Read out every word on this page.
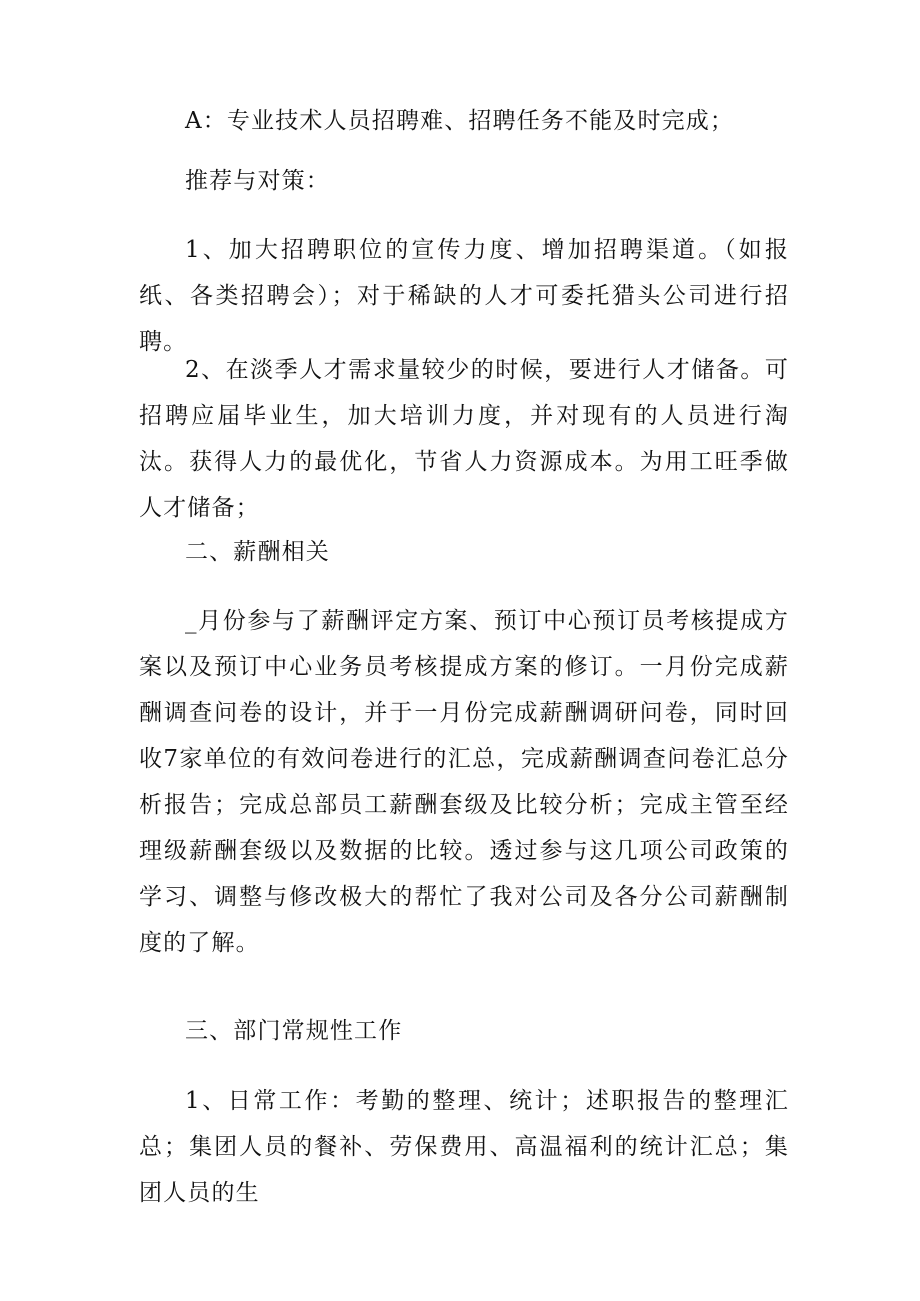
A：专业技术人员招聘难、招聘任务不能及时完成；

推荐与对策：

1、加大招聘职位的宣传力度、增加招聘渠道。（如报纸、各类招聘会）；对于稀缺的人才可委托猎头公司进行招聘。

2、在淡季人才需求量较少的时候，要进行人才储备。可招聘应届毕业生，加大培训力度，并对现有的人员进行淘汰。获得人力的最优化，节省人力资源成本。为用工旺季做人才储备；

二、薪酬相关

_月份参与了薪酬评定方案、预订中心预订员考核提成方案以及预订中心业务员考核提成方案的修订。一月份完成薪酬调查问卷的设计，并于一月份完成薪酬调研问卷，同时回收7家单位的有效问卷进行的汇总，完成薪酬调查问卷汇总分析报告；完成总部员工薪酬套级及比较分析；完成主管至经理级薪酬套级以及数据的比较。透过参与这几项公司政策的学习、调整与修改极大的帮忙了我对公司及各分公司薪酬制度的了解。

三、部门常规性工作

1、日常工作：考勤的整理、统计；述职报告的整理汇总；集团人员的餐补、劳保费用、高温福利的统计汇总；集团人员的生
